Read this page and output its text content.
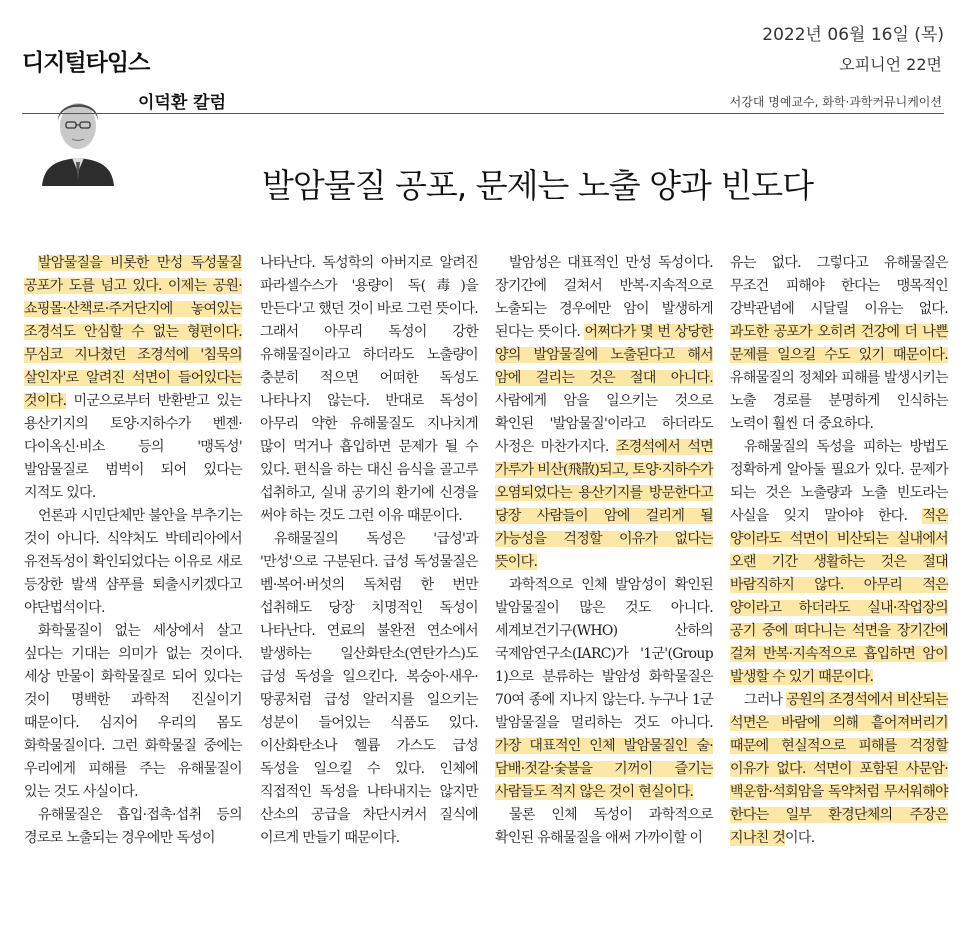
디지털타임스
2022년 06월 16일 (목)
오피니언 22면
이덕환 칼럼	서강대 명예교수, 화학·과학커뮤니케이션
발암물질 공포, 문제는 노출 양과 빈도다

발암물질을 비롯한 만성 독성물질 공포가 도를 넘고 있다. 이제는 공원·쇼핑몰·산책로·주거단지에 놓여있는 조경석도 안심할 수 없는 형편이다. 무심코 지나쳤던 조경석에 '침묵의 살인자'로 알려진 석면이 들어있다는 것이다. 미군으로부터 반환받고 있는 용산기지의 토양·지하수가 벤젠·다이옥신·비소 등의 '맹독성' 발암물질로 범벅이 되어 있다는 지적도 있다.

언론과 시민단체만 불안을 부추기는 것이 아니다. 식약처도 박테리아에서 유전독성이 확인되었다는 이유로 새로 등장한 발색 샴푸를 퇴출시키겠다고 야단법석이다.

화학물질이 없는 세상에서 살고 싶다는 기대는 의미가 없는 것이다. 세상 만물이 화학물질로 되어 있다는 것이 명백한 과학적 진실이기 때문이다. 심지어 우리의 몸도 화학물질이다. 그런 화학물질 중에는 우리에게 피해를 주는 유해물질이 있는 것도 사실이다.

유해물질은 흡입·접촉·섭취 등의 경로로 노출되는 경우에만 독성이

나타난다. 독성학의 아버지로 알려진 파라셀수스가 '용량이 독(毒)을 만든다'고 했던 것이 바로 그런 뜻이다. 그래서 아무리 독성이 강한 유해물질이라고 하더라도 노출량이 충분히 적으면 어떠한 독성도 나타나지 않는다. 반대로 독성이 아무리 약한 유해물질도 지나치게 많이 먹거나 흡입하면 문제가 될 수 있다. 편식을 하는 대신 음식을 골고루 섭취하고, 실내 공기의 환기에 신경을 써야 하는 것도 그런 이유 때문이다.

유해물질의 독성은 '급성'과 '만성'으로 구분된다. 급성 독성물질은 벰·복어·버섯의 독처럼 한 번만 섭취해도 당장 치명적인 독성이 나타난다. 연료의 불완전 연소에서 발생하는 일산화탄소(연탄가스)도 급성 독성을 일으킨다. 복숭아·새우·땅콩처럼 급성 알러지를 일으키는 성분이 들어있는 식품도 있다. 이산화탄소나 헬륨 가스도 급성 독성을 일으킬 수 있다. 인체에 직접적인 독성을 나타내지는 않지만 산소의 공급을 차단시켜서 질식에 이르게 만들기 때문이다.

발암성은 대표적인 만성 독성이다. 장기간에 걸쳐서 반복·지속적으로 노출되는 경우에만 암이 발생하게 된다는 뜻이다. 어쩌다가 몇 번 상당한 양의 발암물질에 노출된다고 해서 암에 걸리는 것은 절대 아니다. 사람에게 암을 일으키는 것으로 확인된 '발암물질'이라고 하더라도 사정은 마찬가지다. 조경석에서 석면 가루가 비산(飛散)되고, 토양·지하수가 오염되었다는 용산기지를 방문한다고 당장 사람들이 암에 걸리게 될 가능성을 걱정할 이유가 없다는 뜻이다.

과학적으로 인체 발암성이 확인된 발암물질이 많은 것도 아니다. 세계보건기구(WHO) 산하의 국제암연구소(IARC)가 '1군'(Group 1)으로 분류하는 발암성 화학물질은 70여 종에 지나지 않는다. 누구나 1군 발암물질을 멀리하는 것도 아니다. 가장 대표적인 인체 발암물질인 술·담배·젓갈·숯불을 기꺼이 즐기는 사람들도 적지 않은 것이 현실이다.

물론 인체 독성이 과학적으로 확인된 유해물질을 애써 가까이할 이

유는 없다. 그렇다고 유해물질은 무조건 피해야 한다는 맹목적인 강박관념에 시달릴 이유는 없다. 과도한 공포가 오히려 건강에 더 나쁜 문제를 일으킬 수도 있기 때문이다. 유해물질의 정체와 피해를 발생시키는 노출 경로를 분명하게 인식하는 노력이 훨씬 더 중요하다.

유해물질의 독성을 피하는 방법도 정확하게 알아둘 필요가 있다. 문제가 되는 것은 노출량과 노출 빈도라는 사실을 잊지 말아야 한다. 적은 양이라도 석면이 비산되는 실내에서 오랜 기간 생활하는 것은 절대 바람직하지 않다. 아무리 적은 양이라고 하더라도 실내·작업장의 공기 중에 떠다니는 석면을 장기간에 걸쳐 반복·지속적으로 흡입하면 암이 발생할 수 있기 때문이다.

그러나 공원의 조경석에서 비산되는 석면은 바람에 의해 흩어져버리기 때문에 현실적으로 피해를 걱정할 이유가 없다. 석면이 포함된 사문암·백운함·석회암을 독약처럼 무서워해야 한다는 일부 환경단체의 주장은 지나친 것이다.
